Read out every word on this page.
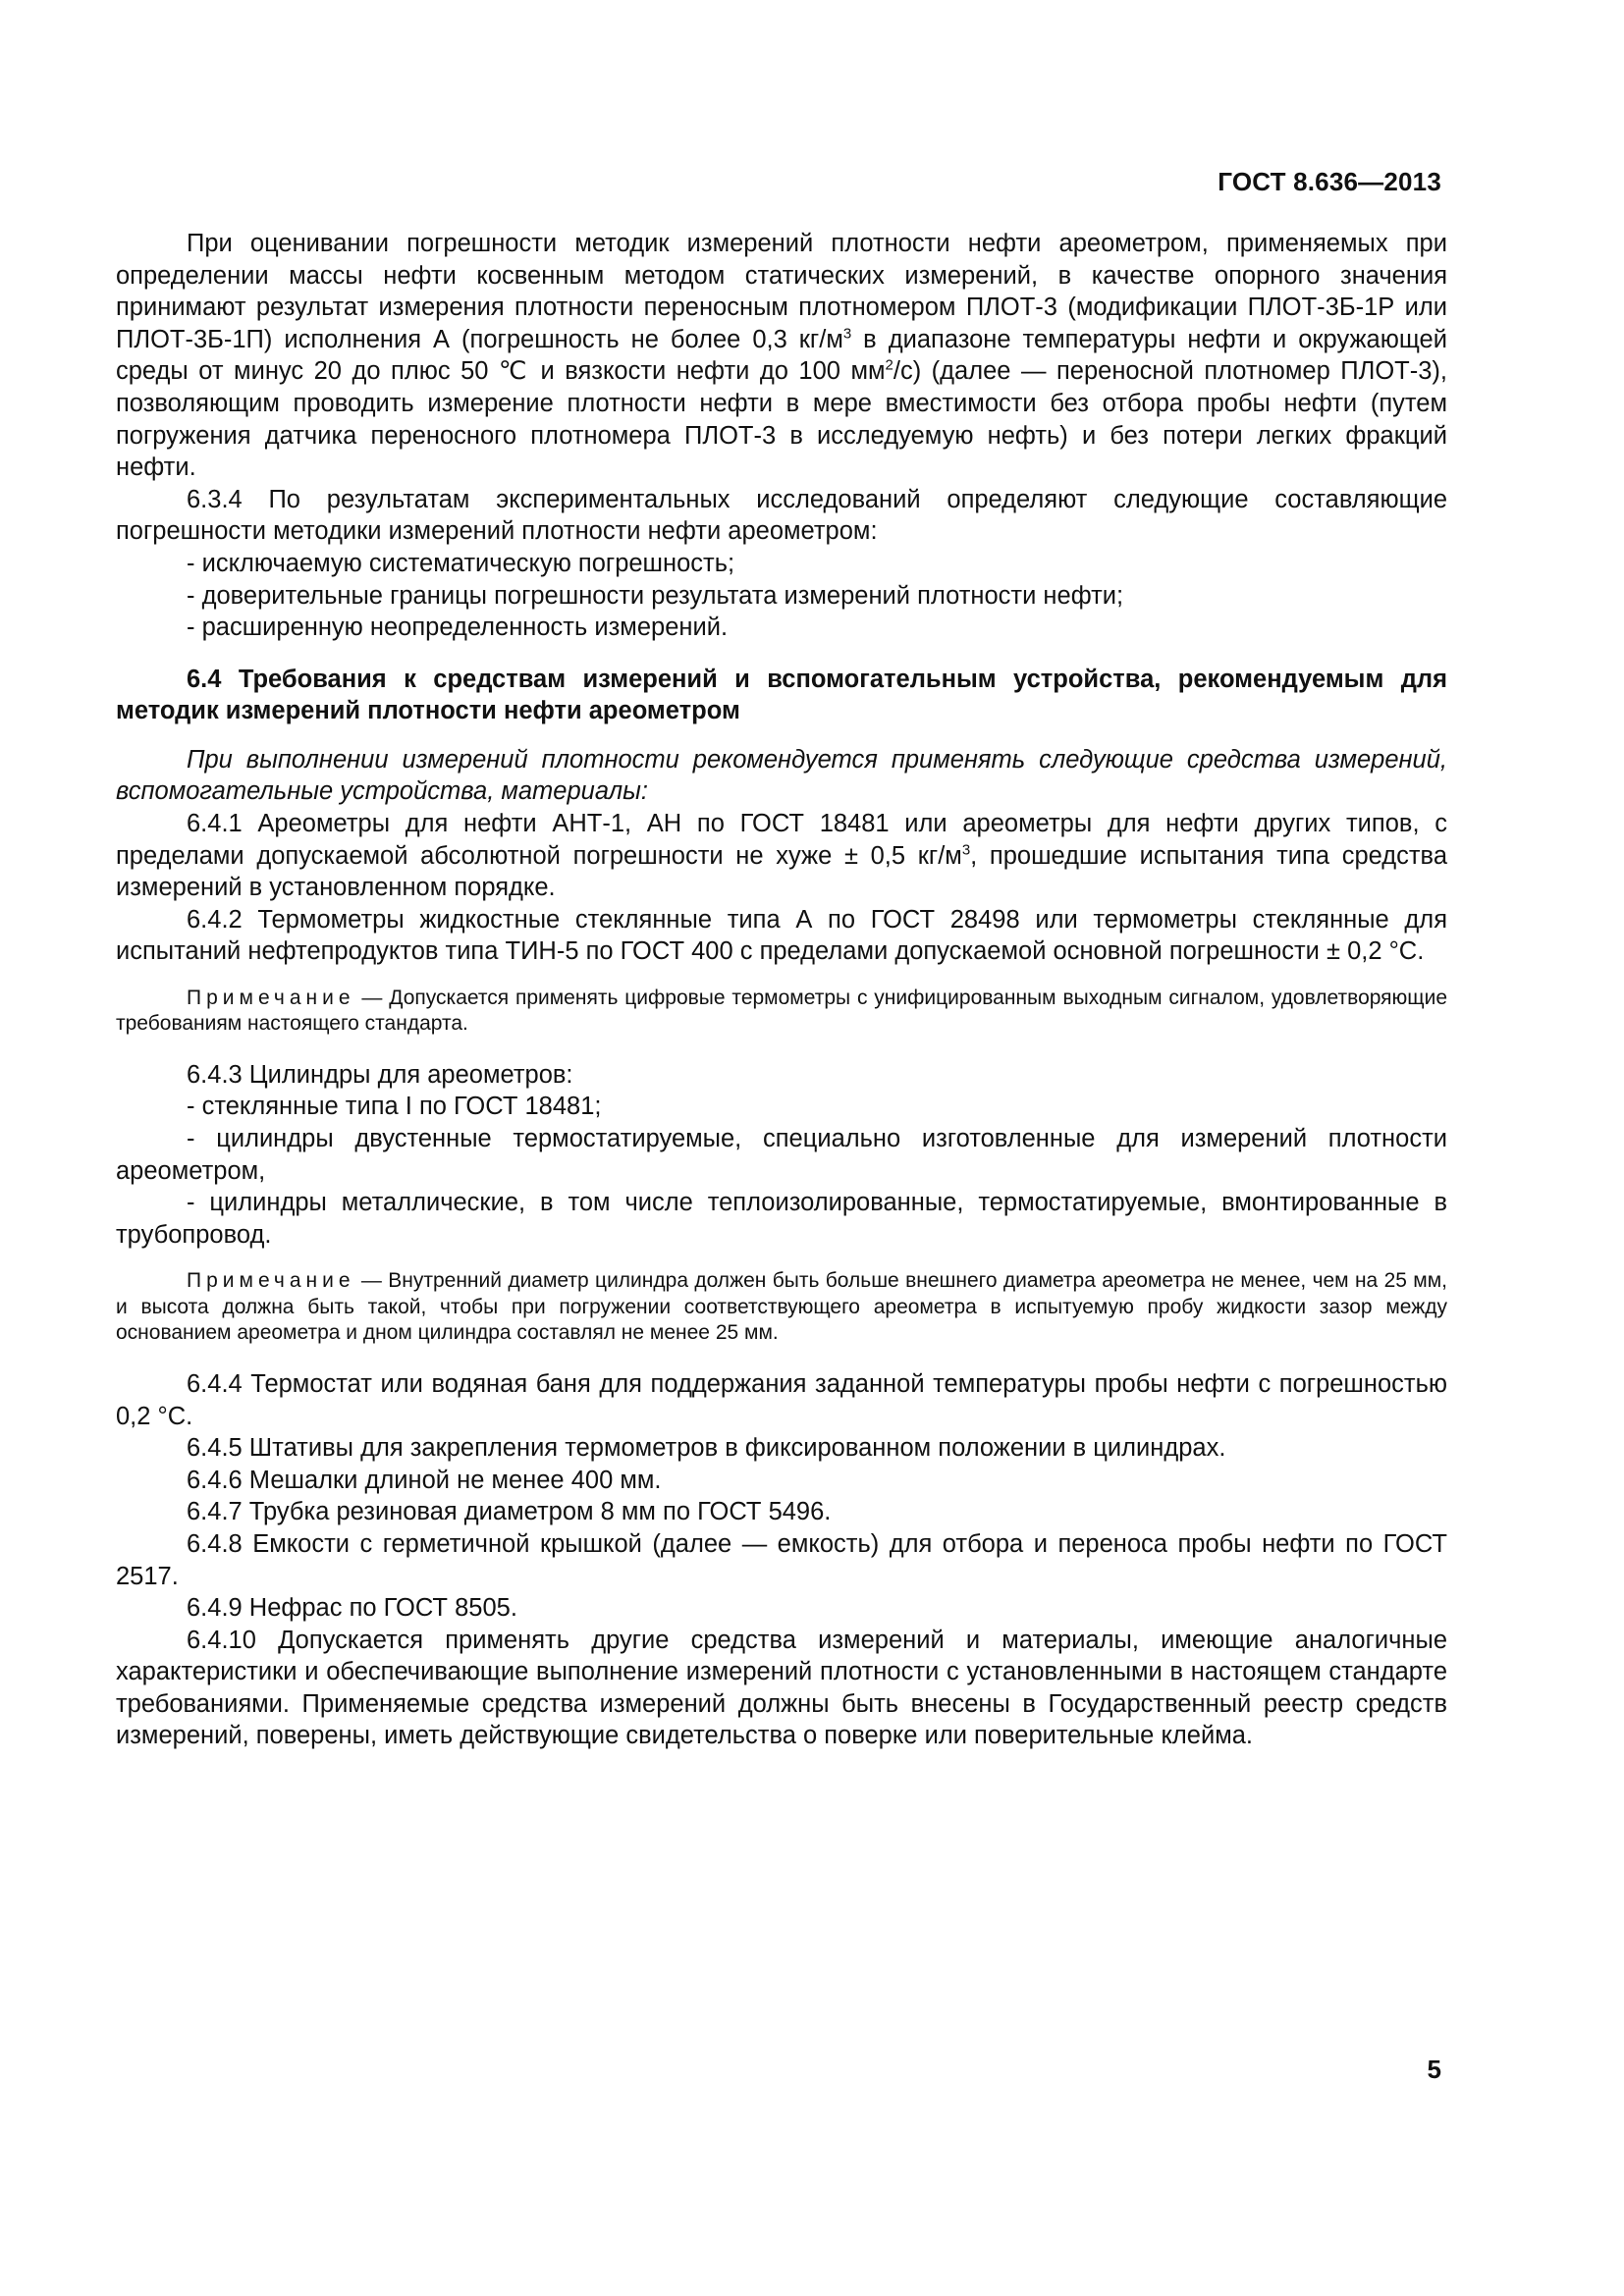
ГОСТ 8.636—2013

При оценивании погрешности методик измерений плотности нефти ареометром, применяемых при определении массы нефти косвенным методом статических измерений, в качестве опорного значения принимают результат измерения плотности переносным плотномером ПЛОТ-3 (модификации ПЛОТ-3Б-1Р или ПЛОТ-3Б-1П) исполнения А (погрешность не более 0,3 $кг/м^3$ в диапазоне температуры нефти и окружающей среды от минус 20 до плюс 50 ℃ и вязкости нефти до 100 $мм^2/с$) (далее — переносной плотномер ПЛОТ-3), позволяющим проводить измерение плотности нефти в мере вместимости без отбора пробы нефти (путем погружения датчика переносного плотномера ПЛОТ-3 в исследуемую нефть) и без потери легких фракций нефти.

6.3.4 По результатам экспериментальных исследований определяют следующие составляющие погрешности методики измерений плотности нефти ареометром:

- исключаемую систематическую погрешность;

- доверительные границы погрешности результата измерений плотности нефти;

- расширенную неопределенность измерений.

6.4 Требования к средствам измерений и вспомогательным устройства, рекомендуемым для методик измерений плотности нефти ареометром

При выполнении измерений плотности рекомендуется применять следующие средства измерений, вспомогательные устройства, материалы:

6.4.1 Ареометры для нефти АНТ-1, АН по ГОСТ 18481 или ареометры для нефти других типов, с пределами допускаемой абсолютной погрешности не хуже ± 0,5 $кг/м^3$, прошедшие испытания типа средства измерений в установленном порядке.

6.4.2 Термометры жидкостные стеклянные типа А по ГОСТ 28498 или термометры стеклянные для испытаний нефтепродуктов типа ТИН-5 по ГОСТ 400 с пределами допускаемой основной погрешности ± 0,2 °С.

Примечание — Допускается применять цифровые термометры с унифицированным выходным сигналом, удовлетворяющие требованиям настоящего стандарта.

6.4.3 Цилиндры для ареометров:

- стеклянные типа I по ГОСТ 18481;

- цилиндры двустенные термостатируемые, специально изготовленные для измерений плотности ареометром,

- цилиндры металлические, в том числе теплоизолированные, термостатируемые, вмонтированные в трубопровод.

Примечание — Внутренний диаметр цилиндра должен быть больше внешнего диаметра ареометра не менее, чем на 25 мм, и высота должна быть такой, чтобы при погружении соответствующего ареометра в испытуемую пробу жидкости зазор между основанием ареометра и дном цилиндра составлял не менее 25 мм.

6.4.4 Термостат или водяная баня для поддержания заданной температуры пробы нефти с погрешностью 0,2 °С.

6.4.5 Штативы для закрепления термометров в фиксированном положении в цилиндрах.

6.4.6 Мешалки длиной не менее 400 мм.

6.4.7 Трубка резиновая диаметром 8 мм по ГОСТ 5496.

6.4.8 Емкости с герметичной крышкой (далее — емкость) для отбора и переноса пробы нефти по ГОСТ 2517.

6.4.9 Нефрас по ГОСТ 8505.

6.4.10 Допускается применять другие средства измерений и материалы, имеющие аналогичные характеристики и обеспечивающие выполнение измерений плотности с установленными в настоящем стандарте требованиями. Применяемые средства измерений должны быть внесены в Государственный реестр средств измерений, поверены, иметь действующие свидетельства о поверке или поверительные клейма.

5
